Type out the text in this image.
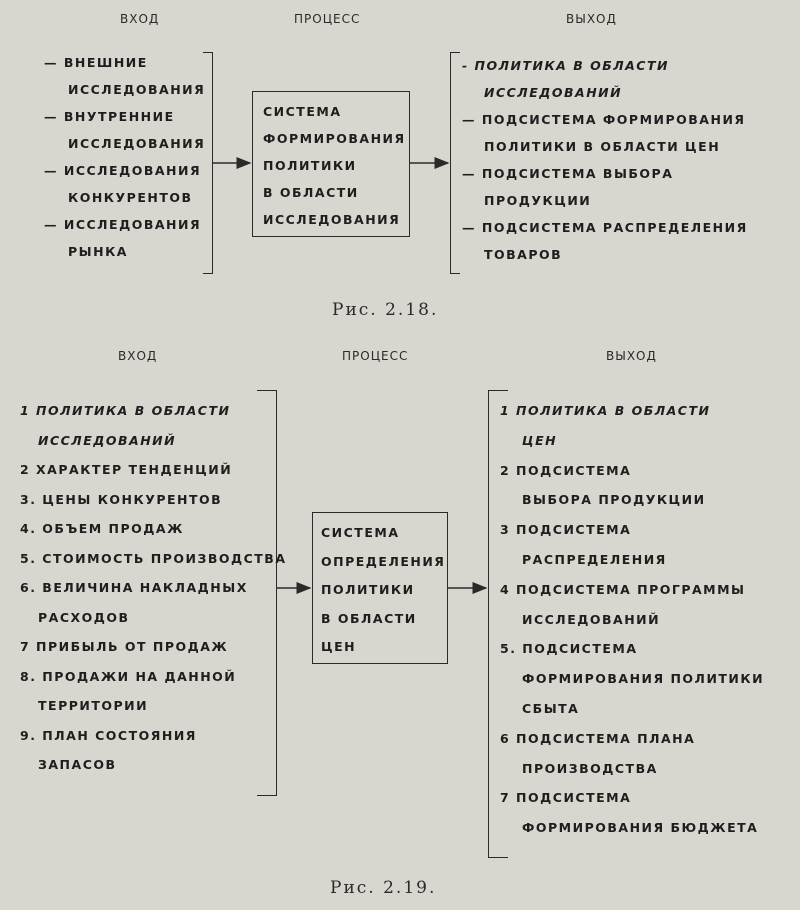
ВХОД	ПРОЦЕСС	ВЫХОД
— ВНЕШНИЕ
ИССЛЕДОВАНИЯ
— ВНУТРЕННИЕ
ИССЛЕДОВАНИЯ
— ИССЛЕДОВАНИЯ
КОНКУРЕНТОВ
— ИССЛЕДОВАНИЯ
РЫНКА
СИСТЕМА
ФОРМИРОВАНИЯ
ПОЛИТИКИ
В ОБЛАСТИ
ИССЛЕДОВАНИЯ
- ПОЛИТИКА В ОБЛАСТИ
ИССЛЕДОВАНИЙ
— ПОДСИСТЕМА ФОРМИРОВАНИЯ
ПОЛИТИКИ В ОБЛАСТИ ЦЕН
— ПОДСИСТЕМА ВЫБОРА
ПРОДУКЦИИ
— ПОДСИСТЕМА РАСПРЕДЕЛЕНИЯ
ТОВАРОВ
Рис. 2.18.
ВХОД	ПРОЦЕСС	ВЫХОД
1 ПОЛИТИКА В ОБЛАСТИ
ИССЛЕДОВАНИЙ
2 ХАРАКТЕР ТЕНДЕНЦИЙ
3. ЦЕНЫ КОНКУРЕНТОВ
4. ОБЪЕМ ПРОДАЖ
5. СТОИМОСТЬ ПРОИЗВОДСТВА
6. ВЕЛИЧИНА НАКЛАДНЫХ
РАСХОДОВ
7 ПРИБЫЛЬ ОТ ПРОДАЖ
8. ПРОДАЖИ НА ДАННОЙ
ТЕРРИТОРИИ
9. ПЛАН СОСТОЯНИЯ
ЗАПАСОВ
СИСТЕМА
ОПРЕДЕЛЕНИЯ
ПОЛИТИКИ
В ОБЛАСТИ
ЦЕН
1 ПОЛИТИКА В ОБЛАСТИ
ЦЕН
2 ПОДСИСТЕМА
ВЫБОРА ПРОДУКЦИИ
3 ПОДСИСТЕМА
РАСПРЕДЕЛЕНИЯ
4 ПОДСИСТЕМА ПРОГРАММЫ
ИССЛЕДОВАНИЙ
5. ПОДСИСТЕМА
ФОРМИРОВАНИЯ ПОЛИТИКИ
СБЫТА
6 ПОДСИСТЕМА ПЛАНА
ПРОИЗВОДСТВА
7 ПОДСИСТЕМА
ФОРМИРОВАНИЯ БЮДЖЕТА
Рис. 2.19.
